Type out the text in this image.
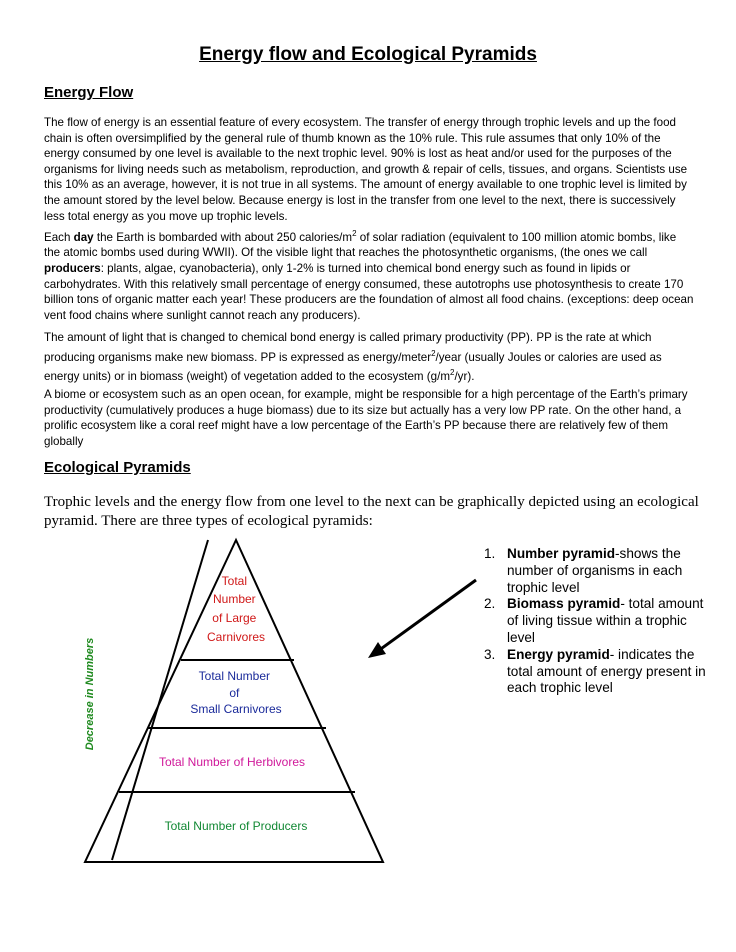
Energy flow and Ecological Pyramids
Energy Flow

The flow of energy is an essential feature of every ecosystem. The transfer of energy through trophic levels and up the food chain is often oversimplified by the general rule of thumb known as the 10% rule. This rule assumes that only 10% of the energy consumed by one level is available to the next trophic level. 90% is lost as heat and/or used for the purposes of the organisms for living needs such as metabolism, reproduction, and growth & repair of cells, tissues, and organs. Scientists use this 10% as an average, however, it is not true in all systems. The amount of energy available to one trophic level is limited by the amount stored by the level below. Because energy is lost in the transfer from one level to the next, there is successively less total energy as you move up trophic levels.

Each day the Earth is bombarded with about 250 calories/$m^2$ of solar radiation (equivalent to 100 million atomic bombs, like the atomic bombs used during WWII). Of the visible light that reaches the photosynthetic organisms, (the ones we call producers: plants, algae, cyanobacteria), only 1-2% is turned into chemical bond energy such as found in lipids or carbohydrates. With this relatively small percentage of energy consumed, these autotrophs use photosynthesis to create 170 billion tons of organic matter each year! These producers are the foundation of almost all food chains. (exceptions: deep ocean vent food chains where sunlight cannot reach any producers).

The amount of light that is changed to chemical bond energy is called primary productivity (PP). PP is the rate at which producing organisms make new biomass. PP is expressed as energy/meter$^2$/year (usually Joules or calories are used as energy units) or in biomass (weight) of vegetation added to the ecosystem $(g/m^2/yr)$.

A biome or ecosystem such as an open ocean, for example, might be responsible for a high percentage of the Earth’s primary productivity (cumulatively produces a huge biomass) due to its size but actually has a very low PP rate. On the other hand, a prolific ecosystem like a coral reef might have a low percentage of the Earth’s PP because there are relatively few of them globally

Ecological Pyramids
Trophic levels and the energy flow from one level to the next can be graphically depicted using an ecological pyramid. There are three types of ecological pyramids:
Total Number of Large Carnivores
Total Number of Small Carnivores
Total Number of Herbivores
Total Number of Producers
Decrease in Numbers
1. Number pyramid-shows the number of organisms in each trophic level
2. Biomass pyramid- total amount of living tissue within a trophic level
3. Energy pyramid- indicates the total amount of energy present in each trophic level
